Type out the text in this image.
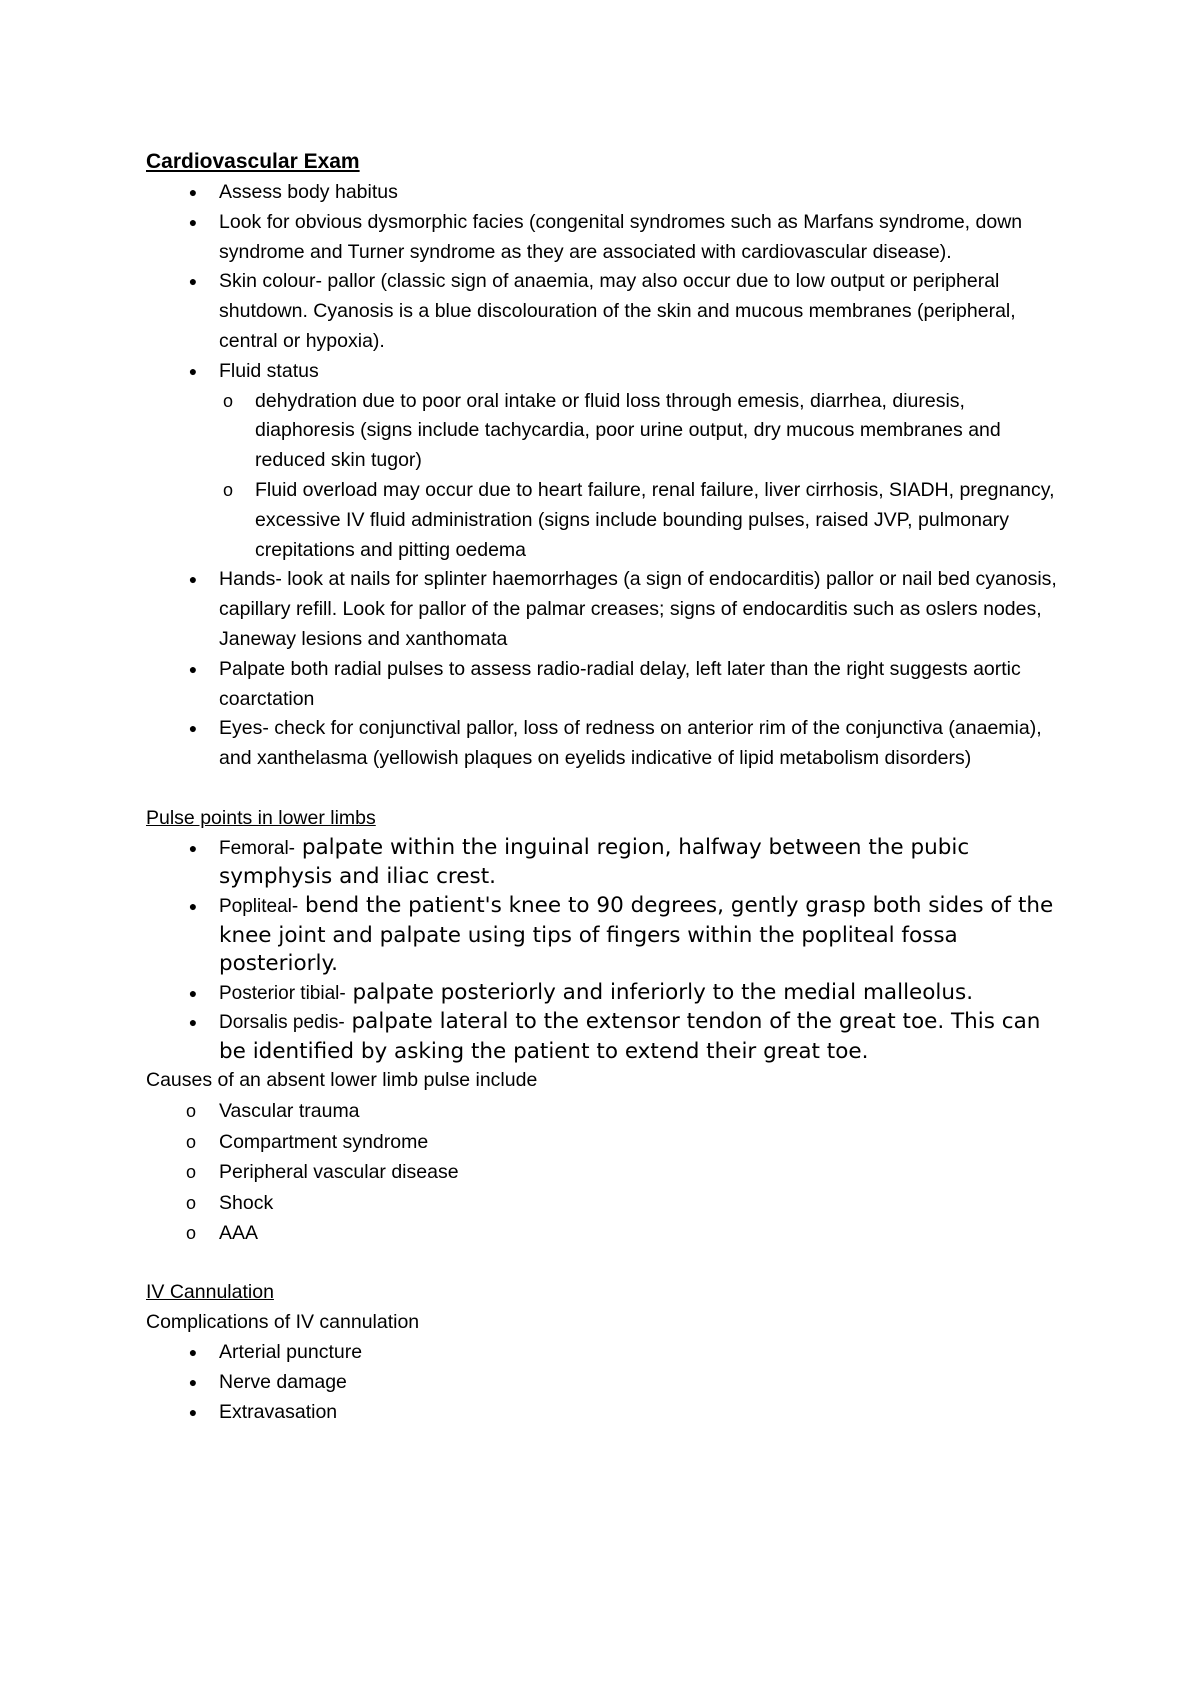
Cardiovascular Exam

● Assess body habitus
● Look for obvious dysmorphic facies (congenital syndromes such as Marfans syndrome, down syndrome and Turner syndrome as they are associated with cardiovascular disease).
● Skin colour- pallor (classic sign of anaemia, may also occur due to low output or peripheral shutdown. Cyanosis is a blue discolouration of the skin and mucous membranes (peripheral, central or hypoxia).
● Fluid status
o dehydration due to poor oral intake or fluid loss through emesis, diarrhea, diuresis, diaphoresis (signs include tachycardia, poor urine output, dry mucous membranes and reduced skin tugor)
o Fluid overload may occur due to heart failure, renal failure, liver cirrhosis, SIADH, pregnancy, excessive IV fluid administration (signs include bounding pulses, raised JVP, pulmonary crepitations and pitting oedema
● Hands- look at nails for splinter haemorrhages (a sign of endocarditis) pallor or nail bed cyanosis, capillary refill. Look for pallor of the palmar creases; signs of endocarditis such as oslers nodes, Janeway lesions and xanthomata
● Palpate both radial pulses to assess radio-radial delay, left later than the right suggests aortic coarctation
● Eyes- check for conjunctival pallor, loss of redness on anterior rim of the conjunctiva (anaemia), and xanthelasma (yellowish plaques on eyelids indicative of lipid metabolism disorders)

Pulse points in lower limbs

● Femoral- palpate within the inguinal region, halfway between the pubic symphysis and iliac crest.
● Popliteal- bend the patient's knee to 90 degrees, gently grasp both sides of the knee joint and palpate using tips of fingers within the popliteal fossa posteriorly.
● Posterior tibial- palpate posteriorly and inferiorly to the medial malleolus.
● Dorsalis pedis- palpate lateral to the extensor tendon of the great toe. This can be identified by asking the patient to extend their great toe.

Causes of an absent lower limb pulse include

o Vascular trauma
o Compartment syndrome
o Peripheral vascular disease
o Shock
o AAA

IV Cannulation

Complications of IV cannulation

● Arterial puncture
● Nerve damage
● Extravasation
